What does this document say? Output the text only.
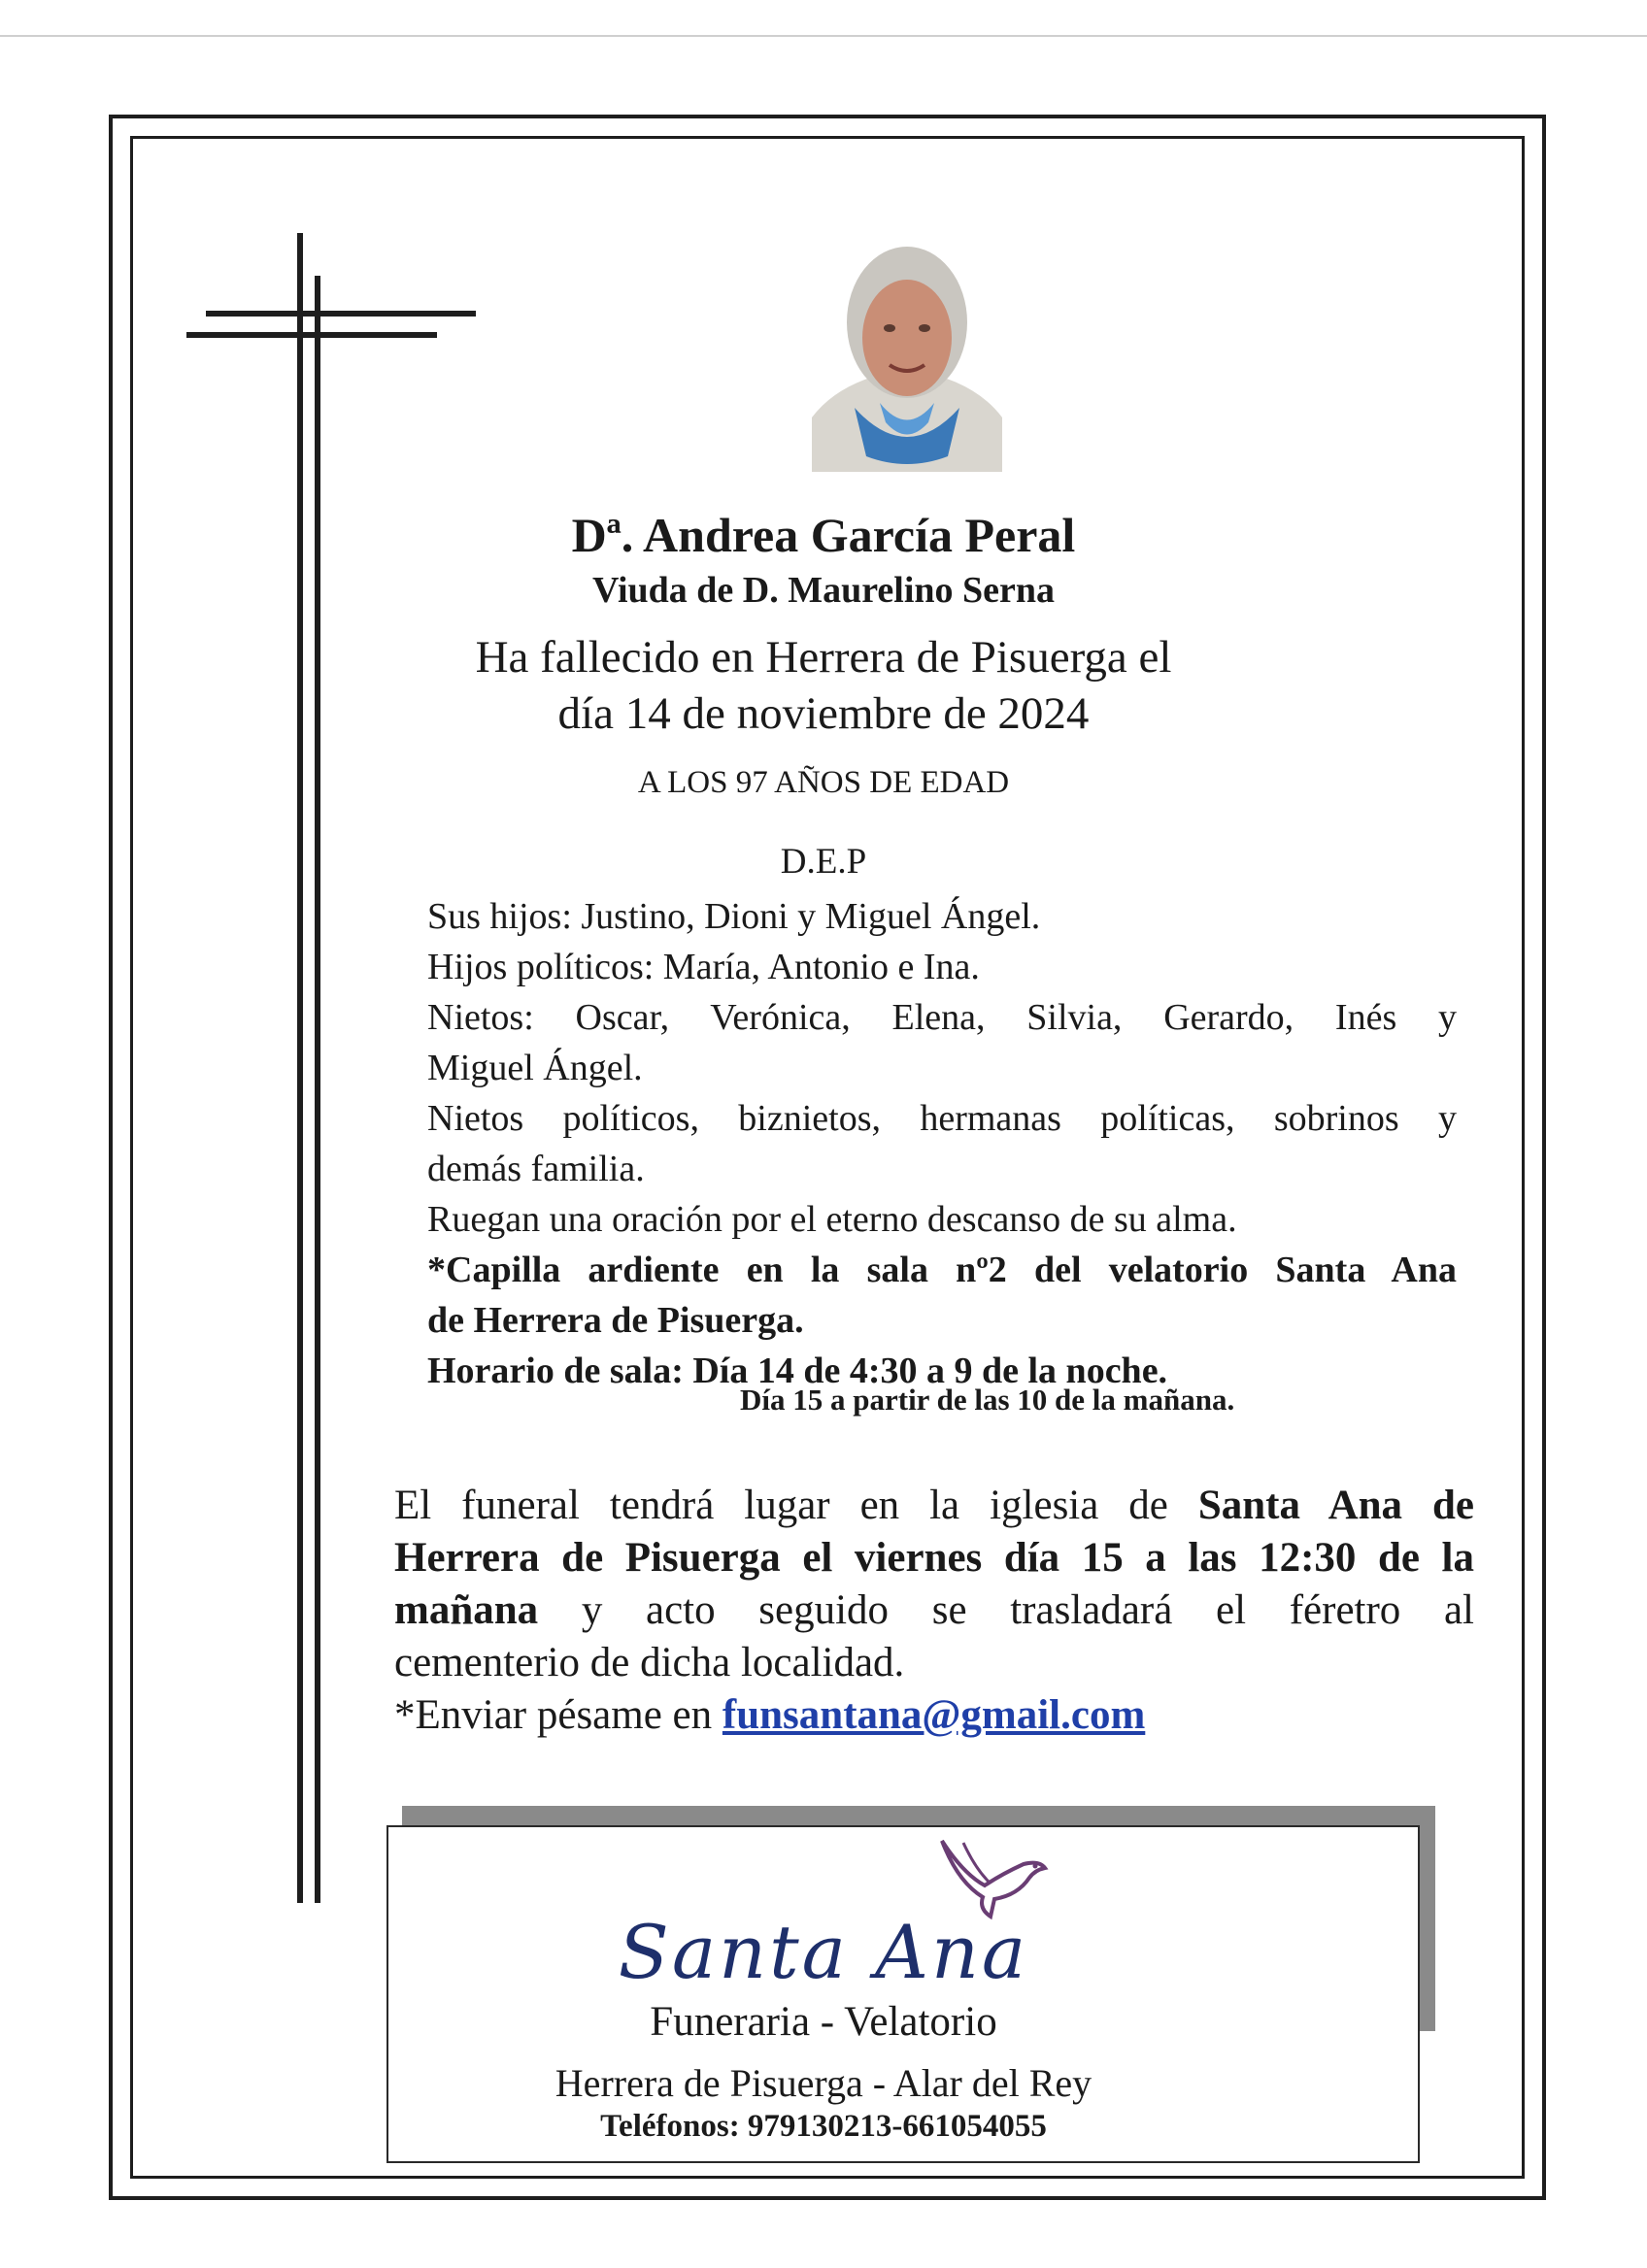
Dª. Andrea García Peral
Viuda de D. Maurelino Serna
Ha fallecido en Herrera de Pisuerga el
día 14 de noviembre de 2024
A LOS 97 AÑOS DE EDAD
D.E.P
Sus hijos: Justino, Dioni y Miguel Ángel.
Hijos políticos: María, Antonio e Ina.
Nietos: Oscar, Verónica, Elena, Silvia, Gerardo, Inés y
Miguel Ángel.
Nietos políticos, biznietos, hermanas políticas, sobrinos y
demás familia.
Ruegan una oración por el eterno descanso de su alma.
*Capilla ardiente en la sala nº2 del velatorio Santa Ana
de Herrera de Pisuerga.
Horario de sala: Día 14 de 4:30 a 9 de la noche.
Día 15 a partir de las 10 de la mañana.
El funeral tendrá lugar en la iglesia de Santa Ana de
Herrera de Pisuerga el viernes día 15 a las 12:30 de la
mañana y acto seguido se trasladará el féretro al
cementerio de dicha localidad.
*Enviar pésame en funsantana@gmail.com
Santa Ana
Funeraria - Velatorio
Herrera de Pisuerga - Alar del Rey
Teléfonos: 979130213-661054055
